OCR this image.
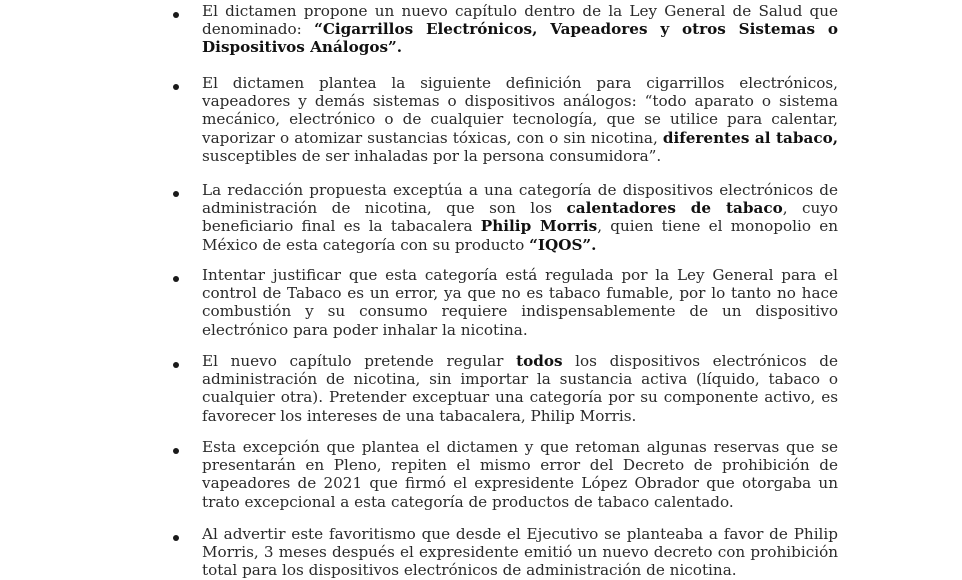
El dictamen propone un nuevo capítulo dentro de la Ley General de Salud que denominado: “Cigarrillos Electrónicos, Vapeadores y otros Sistemas o Dispositivos Análogos”.

El dictamen plantea la siguiente definición para cigarrillos electrónicos, vapeadores y demás sistemas o dispositivos análogos: “todo aparato o sistema mecánico, electrónico o de cualquier tecnología, que se utilice para calentar, vaporizar o atomizar sustancias tóxicas, con o sin nicotina, diferentes al tabaco, susceptibles de ser inhaladas por la persona consumidora”.

La redacción propuesta exceptúa a una categoría de dispositivos electrónicos de administración de nicotina, que son los calentadores de tabaco, cuyo beneficiario final es la tabacalera Philip Morris, quien tiene el monopolio en México de esta categoría con su producto “IQOS”.

Intentar justificar que esta categoría está regulada por la Ley General para el control de Tabaco es un error, ya que no es tabaco fumable, por lo tanto no hace combustión y su consumo requiere indispensablemente de un dispositivo electrónico para poder inhalar la nicotina.

El nuevo capítulo pretende regular todos los dispositivos electrónicos de administración de nicotina, sin importar la sustancia activa (líquido, tabaco o cualquier otra). Pretender exceptuar una categoría por su componente activo, es favorecer los intereses de una tabacalera, Philip Morris.

Esta excepción que plantea el dictamen y que retoman algunas reservas que se presentarán en Pleno, repiten el mismo error del Decreto de prohibición de vapeadores de 2021 que firmó el expresidente López Obrador que otorgaba un trato excepcional a esta categoría de productos de tabaco calentado.

Al advertir este favoritismo que desde el Ejecutivo se planteaba a favor de Philip Morris, 3 meses después el expresidente emitió un nuevo decreto con prohibición total para los dispositivos electrónicos de administración de nicotina.
